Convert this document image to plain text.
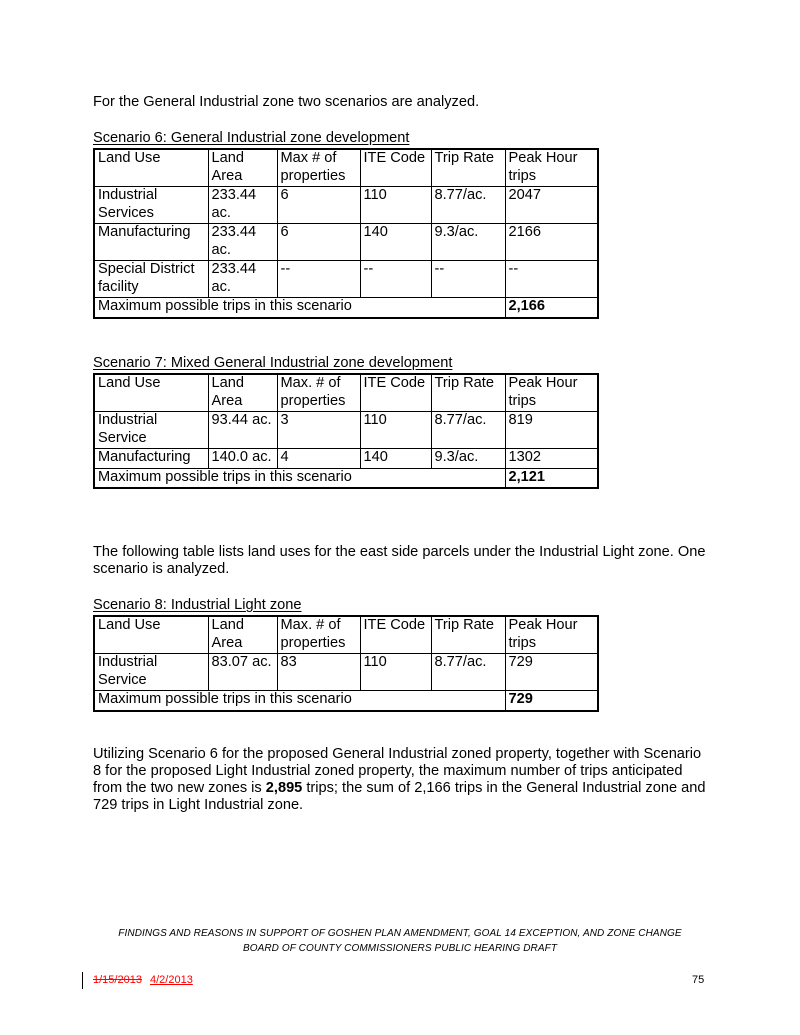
For the General Industrial zone two scenarios are analyzed.

Scenario 6: General Industrial zone development

Land Use	Land Area	Max # of properties	ITE Code	Trip Rate	Peak Hour trips
Industrial Services	233.44 ac.	6	110	8.77/ac.	2047
Manufacturing	233.44 ac.	6	140	9.3/ac.	2166
Special District facility	233.44 ac.	--	--	--	--
Maximum possible trips in this scenario					2,166

Scenario 7: Mixed General Industrial zone development

Land Use	Land Area	Max. # of properties	ITE Code	Trip Rate	Peak Hour trips
Industrial Service	93.44 ac.	3	110	8.77/ac.	819
Manufacturing	140.0 ac.	4	140	9.3/ac.	1302
Maximum possible trips in this scenario					2,121

The following table lists land uses for the east side parcels under the Industrial Light zone. One scenario is analyzed.

Scenario 8: Industrial Light zone

Land Use	Land Area	Max. # of properties	ITE Code	Trip Rate	Peak Hour trips
Industrial Service	83.07 ac.	83	110	8.77/ac.	729
Maximum possible trips in this scenario					729

Utilizing Scenario 6 for the proposed General Industrial zoned property, together with Scenario 8 for the proposed Light Industrial zoned property, the maximum number of trips anticipated from the two new zones is 2,895 trips; the sum of 2,166 trips in the General Industrial zone and 729 trips in Light Industrial zone.

FINDINGS AND REASONS IN SUPPORT OF GOSHEN PLAN AMENDMENT, GOAL 14 EXCEPTION, AND ZONE CHANGE
BOARD OF COUNTY COMMISSIONERS PUBLIC HEARING DRAFT
1/15/2013 4/2/2013	75
